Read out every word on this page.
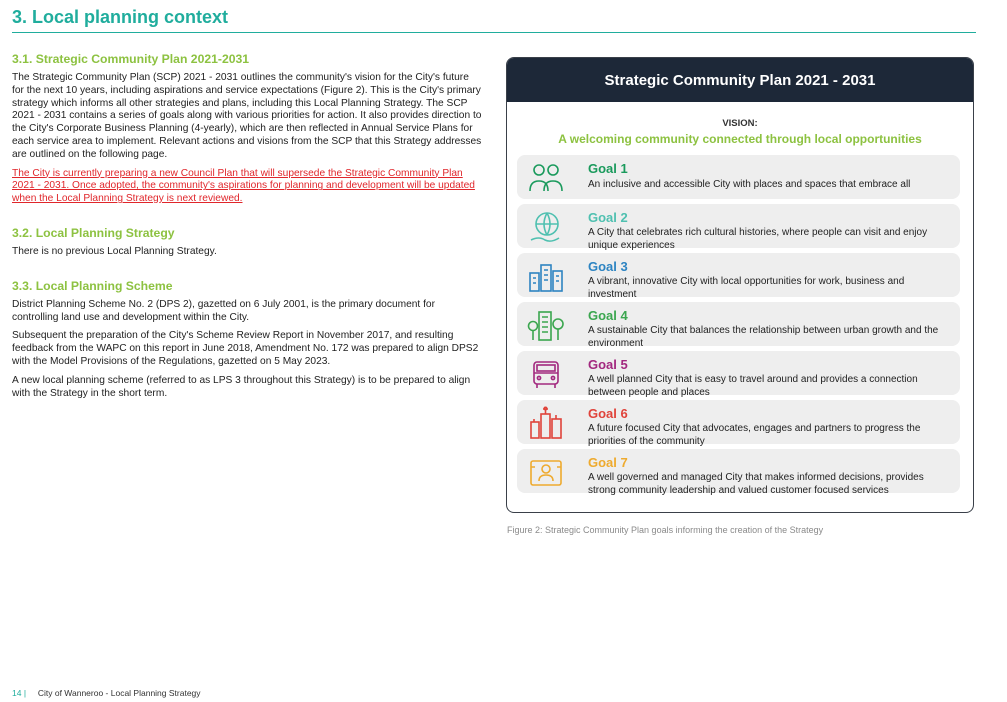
3. Local planning context
3.1. Strategic Community Plan 2021-2031

The Strategic Community Plan (SCP) 2021 - 2031 outlines the community's vision for the City's future for the next 10 years, including aspirations and service expectations (Figure 2). This is the City's primary strategy which informs all other strategies and plans, including this Local Planning Strategy. The SCP 2021 - 2031 contains a series of goals along with various priorities for action. It also provides direction to the City's Corporate Business Planning (4-yearly), which are then reflected in Annual Service Plans for each service area to implement. Relevant actions and visions from the SCP that this Strategy addresses are outlined on the following page.

The City is currently preparing a new Council Plan that will supersede the Strategic Community Plan 2021 - 2031. Once adopted, the community's aspirations for planning and development will be updated when the Local Planning Strategy is next reviewed.

3.2. Local Planning Strategy

There is no previous Local Planning Strategy.

3.3. Local Planning Scheme

District Planning Scheme No. 2 (DPS 2), gazetted on 6 July 2001, is the primary document for controlling land use and development within the City.

Subsequent the preparation of the City's Scheme Review Report in November 2017, and resulting feedback from the WAPC on this report in June 2018, Amendment No. 172 was prepared to align DPS2 with the Model Provisions of the Regulations, gazetted on 5 May 2023.

A new local planning scheme (referred to as LPS 3 throughout this Strategy) is to be prepared to align with the Strategy in the short term.

Strategic Community Plan 2021 - 2031
VISION:
A welcoming community connected through local opportunities
Goal 1
An inclusive and accessible City with places and spaces that embrace all
Goal 2
A City that celebrates rich cultural histories, where people can visit and enjoy unique experiences
Goal 3
A vibrant, innovative City with local opportunities for work, business and investment
Goal 4
A sustainable City that balances the relationship between urban growth and the environment
Goal 5
A well planned City that is easy to travel around and provides a connection between people and places
Goal 6
A future focused City that advocates, engages and partners to progress the priorities of the community
Goal 7
A well governed and managed City that makes informed decisions, provides strong community leadership and valued customer focused services
Figure 2: Strategic Community Plan goals informing the creation of the Strategy
14 | City of Wanneroo - Local Planning Strategy
